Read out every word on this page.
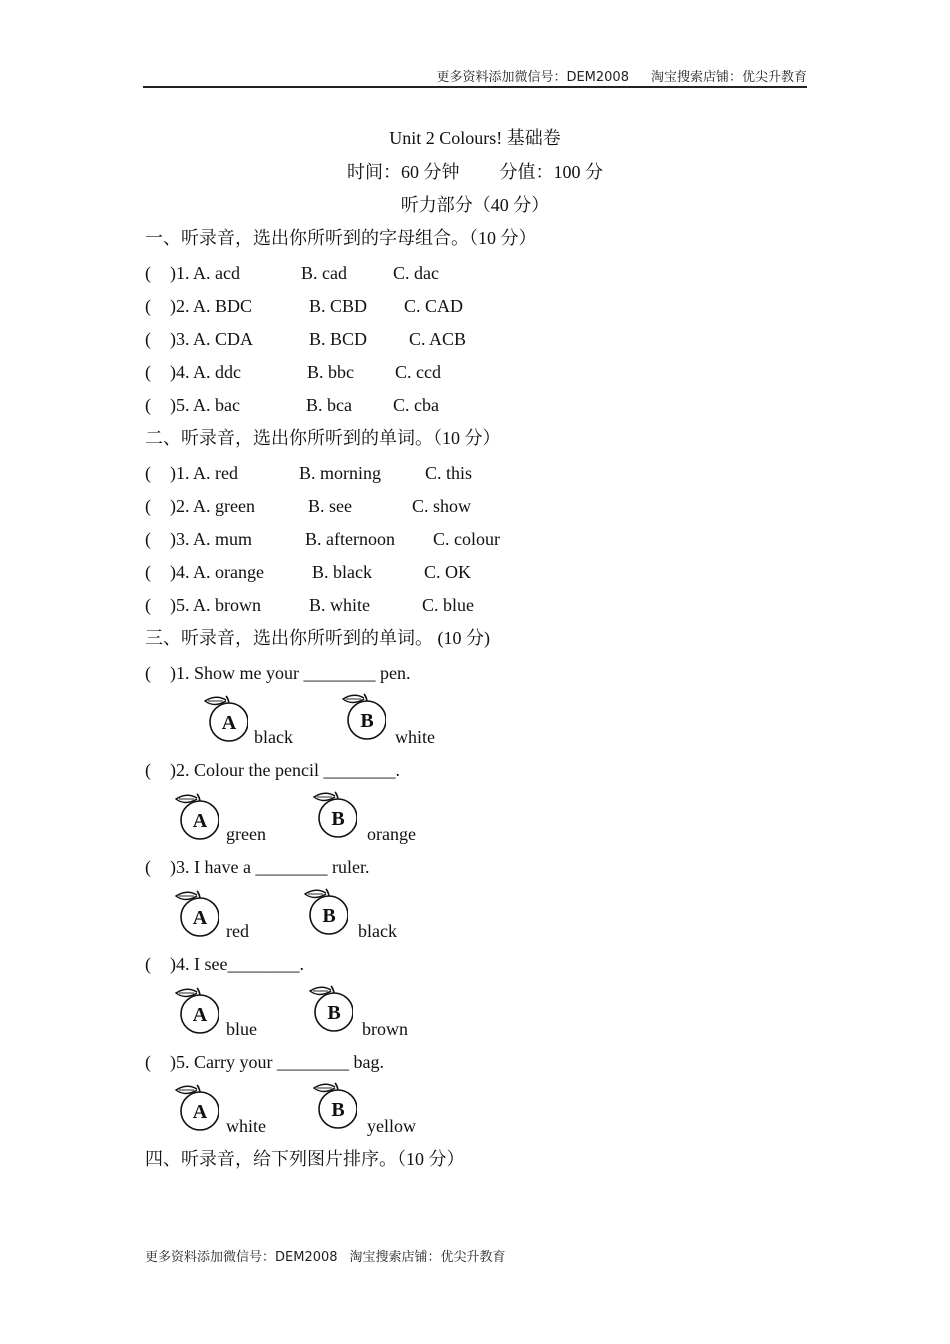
更多资料添加微信号：DEM2008 淘宝搜索店铺：优尖升教育
Unit 2 Colours! 基础卷
时间：60 分钟 分值：100 分
听力部分（40 分）
一、听录音，选出你所听到的字母组合。（10 分）
( )1. A. acd	B. cad	C. dac
( )2. A. BDC	B. CBD C. CAD
( )3. A. CDA	B. BCD C. ACB
( )4. A. ddc	B. bbc C. ccd
( )5. A. bac	B. bca C. cba
二、听录音，选出你所听到的单词。（10 分）
( )1. A. red	B. morning C. this
( )2. A. green	B. see	C. show
( )3. A. mum	B. afternoon C. colour
( )4. A. orange	B. black	C. OK
( )5. A. brown	B. white	C. blue
三、听录音，选出你所听到的单词。 (10 分)
( )1. Show me your ________ pen.
A
black
B
white
( )2. Colour the pencil ________.
A
green
B
orange
( )3. I have a ________ ruler.
A
red
B
black
( )4. I see________.
A
blue
B
brown
( )5. Carry your ________ bag.
A
white
B
yellow
四、听录音，给下列图片排序。（10 分）
更多资料添加微信号：DEM2008 淘宝搜索店铺：优尖升教育
